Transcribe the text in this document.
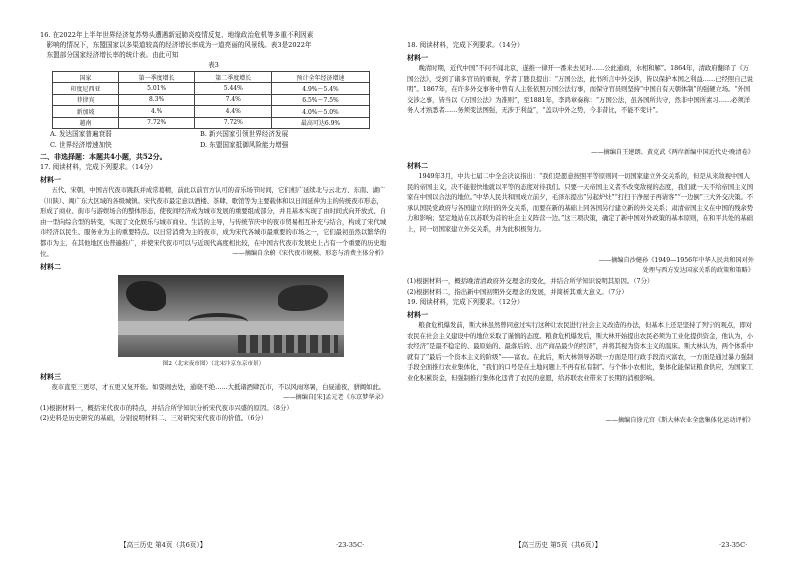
16. 在2022年上半年世界经济复苏势头遭遇新冠肺炎疫情反复、地缘政治危机等多重不利因素

影响的情况下，东盟国家以多渠道较高的经济增长率成为一道亮丽的风景线。表3是2022年

东盟部分国家经济增长率的统计表。由此可知

表3

国家	第一季度增长	第二季度增长	预计全年经济增速
印度尼西亚	5.01%	5.44%	4.9%～5.4%
菲律宾	8.3%	7.4%	6.5%～7.5%
新加坡	4.%	4.4%	4.0%～5.0%
越南	7.72%	7.72%	最高可达6.9%
A. 发达国家普遍衰弱	B. 新兴国家引领世界经济发展
C. 世界经济增速加快	D. 东盟国家抵御风险能力增强

二、非选择题：本题共4小题，共52分。

17. 阅读材料，完成下列要求。（14分）

材料一

五代、宋朝，中国古代夜市跳跃并成常葛精，前此以前官方认可的音乐场节时间，它们相广延续北与云北方、东南、湖广（川陕）、闽广东大区域的各级城镇。宋代夜市最定意以酒楼、茶肆、歌馆等为主要载体和以日间延伸为主的传统夜市形态，形成了商业、街市与游娱场合的整体形态，使夜间经济成为城市发展的重要组成部分，并且基本实现了由时间式向开放式、自由一型向综合型的转变，实现了文化娱乐与城市商业、生活的主导，与传统节庆中的夜市贸易相互补充与结合，构成了宋代城市经济以民生、服务业为主的重要特点。以日常消费为主的夜市，成为宋代各城市最重要的市场之一，它们最初虽然以繁华的都市为主，在其他地区也普遍推广，并使宋代夜市可以与近现代高度相比较，在中国古代夜市发展史上占有一个重要的历史地位。	——摘编自余蔚《宋代夜市规模、形态与消费主体分析》

材料二

图2（北宋夜市图）（北宋汴京东京市景）

材料三

夜市直至三更尽，才五更又复开张。如耍闹去处，通晓不绝……大抵诸酒肆瓦市，不以风雨寒暑，白昼通夜，骈阗如此。

——摘编自[宋]孟元老《东京梦华录》

(1)根据材料一，概括宋代夜市的特点，并结合所学知识分析宋代夜市兴盛的原因。（8分）

(2)史料是历史研究的基础，分别说明材料二、三对研究宋代夜市的价值。（6分）

【高三历史 第4页（共6页）】	·23-35C·

18. 阅读材料，完成下列要求。（14分）

材料一

晚清时期，近代中国“不问不闻北京，遂推一律开一番来去见对……公此通商，水相和解”。1864年，清政府翻译了《万国公法》，受到了诸多官员的重视，学者丁韪良提出：“万国公法，此书所言中外交涉，皆以保护本国之利益……已经照自己说明”。1867年，在许多外交事务中曾有人主张依照万国公法行事，而保守官员则坚持“中国自有天朝体制”的强硬立场。“外国交涉之事，皆当以《万国公法》为准则”，至1881年，李鸿章奏称：“万国公法，虽各国所共守，然非中国所素习……必须洋务人才熟悉者……务须变法图强，无涉于利益”，“盖以中外之势，今非昔比，不能不变计”。

——摘编自王建朗、黄克武《两岸新编中国近代史·晚清卷》

材料二

1949年3月，中共七届二中全会决议指出：“我们是愿意按照平等原则同一切国家建立外交关系的，但是从来敌视中国人民的帝国主义，决不能很快地就以平等的态度对待我们。只要一天帝国主义者不改变敌视的态度，我们就一天不给帝国主义国家在中国以合法的地位。”中华人民共和国成立前夕，毛泽东提出“另起炉灶”“打扫干净屋子再请客”“一边倒”三大外交决策。不承认国民党政府与各国建立的旧的外交关系，而要在新的基础上同各国另行建立新的外交关系；肃清帝国主义在中国的残余势力和影响；坚定地站在以苏联为首的社会主义阵营一边。”这三项决策，确定了新中国对外政策的基本原则，在和平共处的基础上，同一切国家建立外交关系，并为此积极努力。

——摘编自沙健孙《1949—1956年中华人民共和国对外

处理与西方发达国家关系的政策和策略》

(1)根据材料一，概括晚清清政府外交理念的变化，并结合所学知识说明其原因。（7分）

(2)根据材料二，指出新中国初期外交理念的发展，并简析其重大意义。（7分）

19. 阅读材料，完成下列要求。（12分）

材料一

粮食危机爆发前，斯大林虽然曾同意过实行这种让农民进行社会主义改造的办法，但基本上还是坚持了列宁的观点，即对农民在社会主义建设中的地位采取了谨慎的态度。粮食危机爆发后，斯大林开始提出农民必须为工业化提供资金，他认为，小农经济“是最不稳定的、最原始的、最落后的、出产商品最少的经济”，并将其视为资本主义的温床。斯大林认为，两个体系中就有了“最后一个资本主义的阶级”——富农。在此后，斯大林领导苏联一方面是用行政手段消灭富农，一方面是通过暴力强制手段全面推行农业集体化，“我们的口号是在土地问题上不再有私有制”。与个体小农相比，集体化能保证粮食供应，为国家工业化积累资金，但强制推行集体化违背了农民的意愿，给苏联农业带来了长期的消极影响。

——摘编自徐元宫《斯大林农业全盘集体化运动评析》

【高三历史 第5页（共6页）】	·23-35C·
